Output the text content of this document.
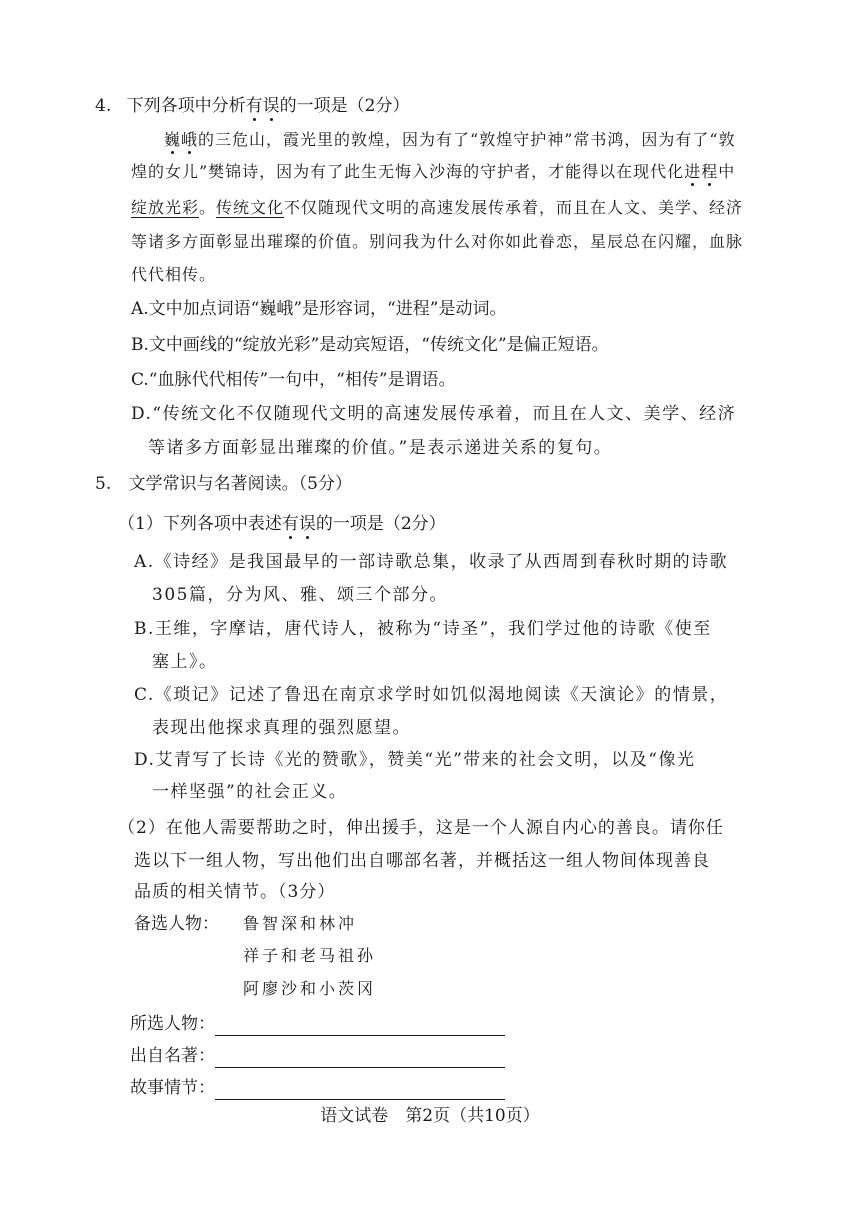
4. 下列各项中分析有误的一项是（2分）
巍峨的三危山，霞光里的敦煌，因为有了“敦煌守护神”常书鸿，因为有了“敦
煌的女儿”樊锦诗，因为有了此生无悔入沙海的守护者，才能得以在现代化进程中
绽放光彩。传统文化不仅随现代文明的高速发展传承着，而且在人文、美学、经济
等诸多方面彰显出璀璨的价值。别问我为什么对你如此眷恋，星辰总在闪耀，血脉
代代相传。
A.文中加点词语“巍峨”是形容词，“进程”是动词。
B.文中画线的“绽放光彩”是动宾短语，“传统文化”是偏正短语。
C.“血脉代代相传”一句中，“相传”是谓语。
D.“传统文化不仅随现代文明的高速发展传承着，而且在人文、美学、经济
等诸多方面彰显出璀璨的价值。”是表示递进关系的复句。
5. 文学常识与名著阅读。（5分）
（1）下列各项中表述有误的一项是（2分）
A.《诗经》是我国最早的一部诗歌总集，收录了从西周到春秋时期的诗歌
305篇，分为风、雅、颂三个部分。
B.王维，字摩诘，唐代诗人，被称为“诗圣”，我们学过他的诗歌《使至
塞上》。
C.《琐记》记述了鲁迅在南京求学时如饥似渴地阅读《天演论》的情景，
表现出他探求真理的强烈愿望。
D.艾青写了长诗《光的赞歌》，赞美“光”带来的社会文明，以及“像光
一样坚强”的社会正义。
（2）在他人需要帮助之时，伸出援手，这是一个人源自内心的善良。请你任
选以下一组人物，写出他们出自哪部名著，并概括这一组人物间体现善良
品质的相关情节。（3分）
备选人物： 鲁智深和林冲
祥子和老马祖孙
阿廖沙和小茨冈
所选人物：
出自名著：
故事情节：
语文试卷　第2页（共10页）
